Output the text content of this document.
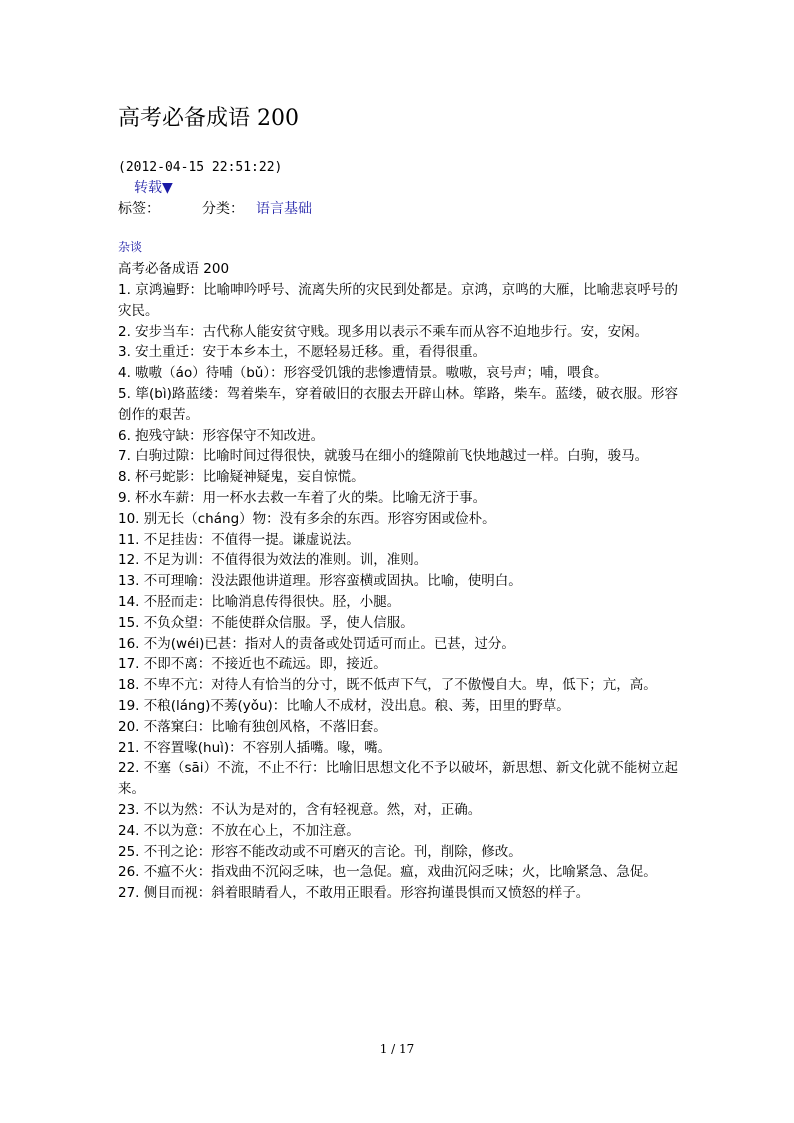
高考必备成语 200
(2012-04-15 22:51:22)
转载▼
标签：	分类： 语言基础
杂谈
高考必备成语 200
1. 京鸿遍野：比喻呻吟呼号、流离失所的灾民到处都是。京鸿，京鸣的大雁，比喻悲哀呼号的灾民。
2. 安步当车：古代称人能安贫守贱。现多用以表示不乘车而从容不迫地步行。安，安闲。
3. 安土重迁：安于本乡本土，不愿轻易迁移。重，看得很重。
4. 嗷嗷（áo）待哺（bǔ）：形容受饥饿的悲惨遭情景。嗷嗷，哀号声；哺，喂食。
5. 筚(bì)路蓝缕：驾着柴车，穿着破旧的衣服去开辟山林。筚路，柴车。蓝缕，破衣服。形容创作的艰苦。
6. 抱残守缺：形容保守不知改进。
7. 白驹过隙：比喻时间过得很快，就骏马在细小的缝隙前飞快地越过一样。白驹，骏马。
8. 杯弓蛇影：比喻疑神疑鬼，妄自惊慌。
9. 杯水车薪：用一杯水去救一车着了火的柴。比喻无济于事。
10. 别无长（cháng）物：没有多余的东西。形容穷困或俭朴。
11. 不足挂齿：不值得一提。谦虚说法。
12. 不足为训：不值得很为效法的准则。训，准则。
13. 不可理喻：没法跟他讲道理。形容蛮横或固执。比喻，使明白。
14. 不胫而走：比喻消息传得很快。胫，小腿。
15. 不负众望：不能使群众信服。孚，使人信服。
16. 不为(wéi)已甚：指对人的责备或处罚适可而止。已甚，过分。
17. 不即不离：不接近也不疏远。即，接近。
18. 不卑不亢：对待人有恰当的分寸，既不低声下气，了不傲慢自大。卑，低下；亢，高。
19. 不稂(láng)不莠(yǒu)：比喻人不成材，没出息。稂、莠，田里的野草。
20. 不落窠臼：比喻有独创风格，不落旧套。
21. 不容置喙(huì)：不容别人插嘴。喙，嘴。
22. 不塞（sāi）不流，不止不行：比喻旧思想文化不予以破坏，新思想、新文化就不能树立起来。
23. 不以为然：不认为是对的，含有轻视意。然，对，正确。
24. 不以为意：不放在心上，不加注意。
25. 不刊之论：形容不能改动或不可磨灭的言论。刊，削除，修改。
26. 不瘟不火：指戏曲不沉闷乏味，也一急促。瘟，戏曲沉闷乏味；火，比喻紧急、急促。
27. 侧目而视：斜着眼睛看人，不敢用正眼看。形容拘谨畏惧而又愤怒的样子。
1 / 17
